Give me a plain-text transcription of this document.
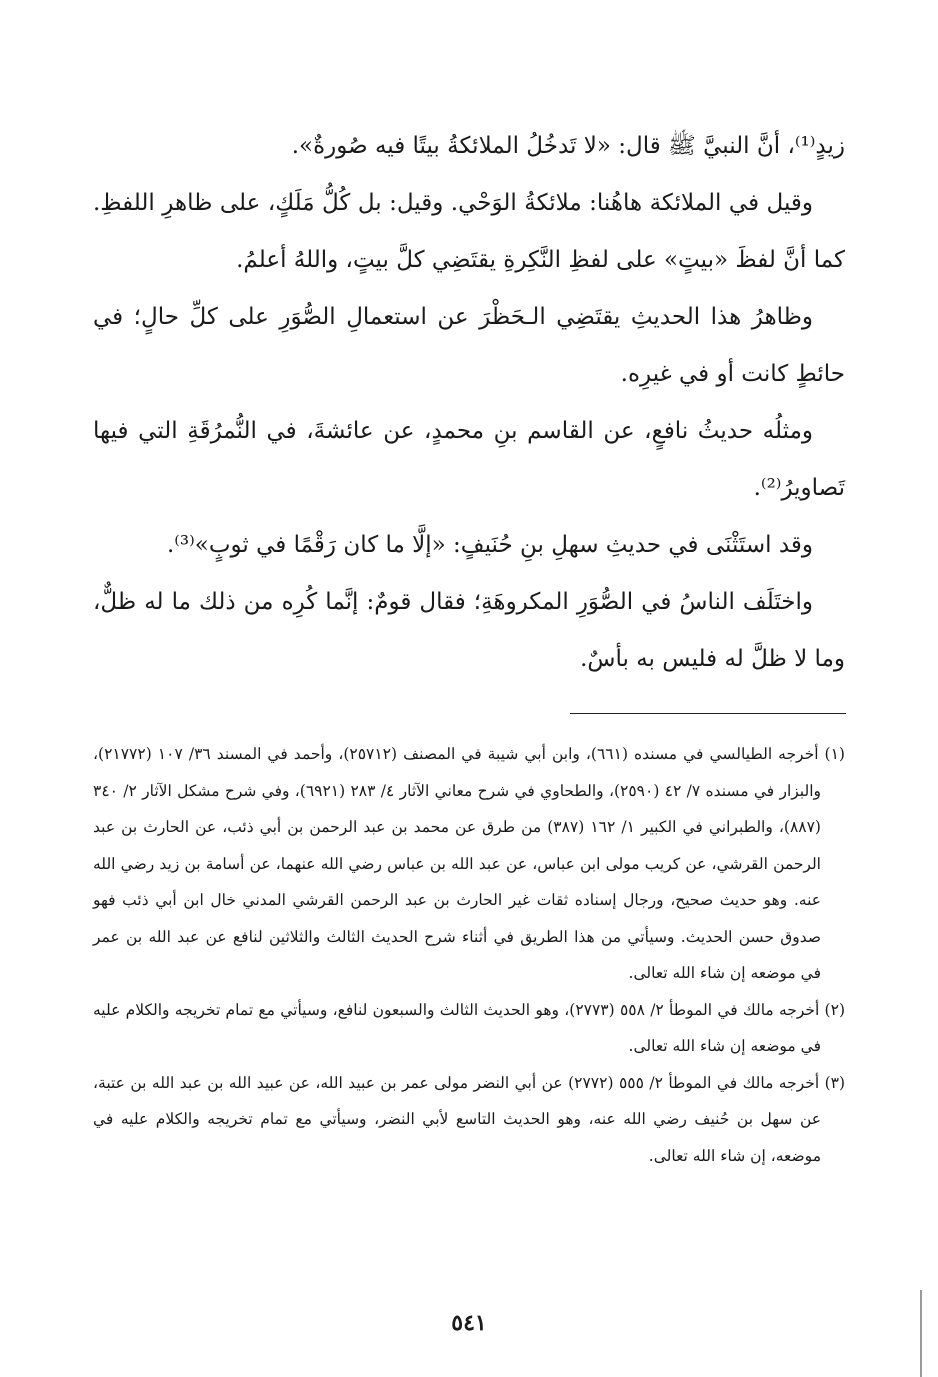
زيدٍ⁽¹⁾، أنَّ النبيَّ ﷺ قال: «لا تَدخُلُ الملائكةُ بيتًا فيه صُورةٌ».

وقيل في الملائكة هاهُنا: ملائكةُ الوَحْي. وقيل: بل كُلُّ مَلَكٍ، على ظاهرِ اللفظِ. كما أنَّ لفظَ «بيتٍ» على لفظِ النَّكِرةِ يقتَضِي كلَّ بيتٍ، واللهُ أعلمُ.

وظاهرُ هذا الحديثِ يقتَضِي الـحَظْرَ عن استعمالِ الصُّوَرِ على كلِّ حالٍ؛ في حائطٍ كانت أو في غيرِه.

ومثلُه حديثُ نافعٍ، عن القاسم بنِ محمدٍ، عن عائشةَ، في النُّمرُقَةِ التي فيها تَصاويرُ⁽²⁾.

وقد استَثْنَى في حديثِ سهلِ بنِ حُنَيفٍ: «إلَّا ما كان رَقْمًا في ثوبٍ»⁽³⁾.

واختَلَف الناسُ في الصُّوَرِ المكروهَةِ؛ فقال قومٌ: إنَّما كُرِه من ذلك ما له ظلٌّ، وما لا ظلَّ له فليس به بأسٌ.

(١) أخرجه الطيالسي في مسنده (٦٦١)، وابن أبي شيبة في المصنف (٢٥٧١٢)، وأحمد في المسند ٣٦/ ١٠٧ (٢١٧٧٢)، والبزار في مسنده ٧/ ٤٢ (٢٥٩٠)، والطحاوي في شرح معاني الآثار ٤/ ٢٨٣ (٦٩٢١)، وفي شرح مشكل الآثار ٢/ ٣٤٠ (٨٨٧)، والطبراني في الكبير ١/ ١٦٢ (٣٨٧) من طرق عن محمد بن عبد الرحمن بن أبي ذئب، عن الحارث بن عبد الرحمن القرشي، عن كريب مولى ابن عباس، عن عبد الله بن عباس رضي الله عنهما، عن أسامة بن زيد رضي الله عنه. وهو حديث صحيح، ورجال إسناده ثقات غير الحارث بن عبد الرحمن القرشي المدني خال ابن أبي ذئب فهو صدوق حسن الحديث. وسيأتي من هذا الطريق في أثناء شرح الحديث الثالث والثلاثين لنافع عن عبد الله بن عمر في موضعه إن شاء الله تعالى.

(٢) أخرجه مالك في الموطأ ٢/ ٥٥٨ (٢٧٧٣)، وهو الحديث الثالث والسبعون لنافع، وسيأتي مع تمام تخريجه والكلام عليه في موضعه إن شاء الله تعالى.

(٣) أخرجه مالك في الموطأ ٢/ ٥٥٥ (٢٧٧٢) عن أبي النضر مولى عمر بن عبيد الله، عن عبيد الله بن عبد الله بن عتبة، عن سهل بن حُنيف رضي الله عنه، وهو الحديث التاسع لأبي النضر، وسيأتي مع تمام تخريجه والكلام عليه في موضعه، إن شاء الله تعالى.

٥٤١
